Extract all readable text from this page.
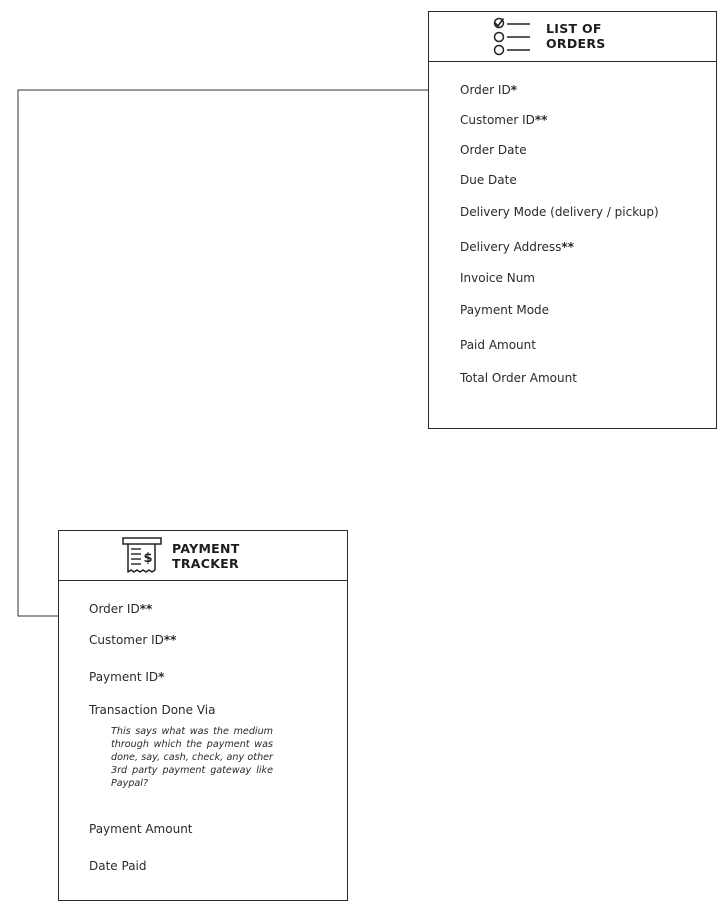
LIST OF
ORDERS
Order ID*
Customer ID**
Order Date
Due Date
Delivery Mode (delivery / pickup)
Delivery Address**
Invoice Num
Payment Mode
Paid Amount
Total Order Amount
$
PAYMENT
TRACKER
Order ID**
Customer ID**
Payment ID*
Transaction Done Via
This says what was the medium through which the payment was done, say, cash, check, any other 3rd party payment gateway like Paypal?
Payment Amount
Date Paid
